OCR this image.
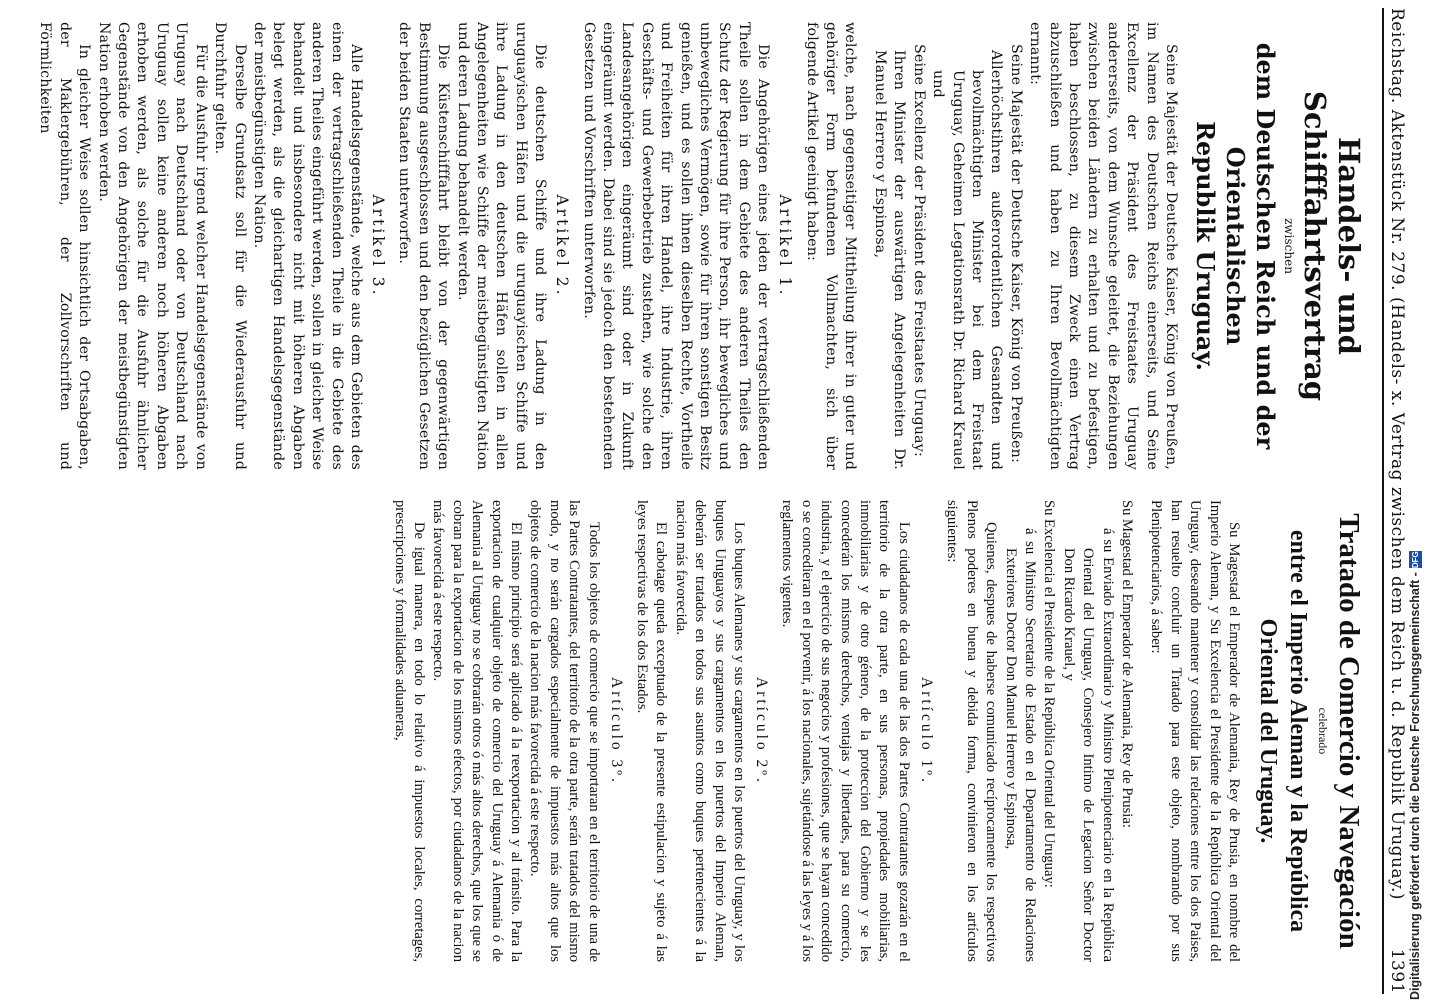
Reichstag. Aktenstück Nr. 279. (Handels- x. Vertrag zwischen dem Reich u. d. Republik Uruguay.)
1391
Handels- und Schifffahrtsvertrag
zwischen
dem Deutschen Reich und der Orientalischen
Republik Uruguay.

Seine Majestät der Deutsche Kaiser, König von Preußen, im Namen des Deutschen Reichs einerseits, und Seine Excellenz der Präsident des Freistaates Uruguay andererseits, von dem Wunsche geleitet, die Beziehungen zwischen beiden Ländern zu erhalten und zu befestigen, haben beschlossen, zu diesem Zweck einen Vertrag abzuschließen und haben zu Ihren Bevollmächtigten ernannt:

Seine Majestät der Deutsche Kaiser, König von Preußen:

Allerhöchstihren außerordentlichen Gesandten und bevollmächtigten Minister bei dem Freistaat Uruguay, Geheimen Legationsrath Dr. Richard Krauel und

Seine Excellenz der Präsident des Freistaates Uruguay:

Ihren Minister der auswärtigen Angelegenheiten Dr. Manuel Herrero y Espinosa,

welche, nach gegenseitiger Mittheilung ihrer in guter und gehöriger Form befundenen Vollmachten, sich über folgende Artikel geeinigt haben:

Artikel 1.

Die Angehörigen eines jeden der vertragschließenden Theile sollen in dem Gebiete des anderen Theiles den Schutz der Regierung für ihre Person, ihr bewegliches und unbewegliches Vermögen, sowie für ihren sonstigen Besitz genießen, und es sollen ihnen dieselben Rechte, Vortheile und Freiheiten für ihren Handel, ihre Industrie, ihren Geschäfts- und Gewerbebetrieb zustehen, wie solche den Landesangehörigen eingeräumt sind oder in Zukunft eingeräumt werden. Dabei sind sie jedoch den bestehenden Gesetzen und Vorschriften unterworfen.

Artikel 2.

Die deutschen Schiffe und ihre Ladung in den uruguayischen Häfen und die uruguayischen Schiffe und ihre Ladung in den deutschen Häfen sollen in allen Angelegenheiten wie Schiffe der meistbegünstigten Nation und deren Ladung behandelt werden.

Die Küstenschifffahrt bleibt von der gegenwärtigen Bestimmung ausgeschlossen und den bezüglichen Gesetzen der beiden Staaten unterworfen.

Artikel 3.

Alle Handelsgegenstände, welche aus dem Gebieten des einen der vertragschließenden Theile in die Gebiete des anderen Theiles eingeführt werden, sollen in gleicher Weise behandelt und insbesondere nicht mit höheren Abgaben belegt werden, als die gleichartigen Handelsgegenstände der meistbegünstigten Nation.

Derselbe Grundsatz soll für die Wiederausfuhr und Durchfuhr gelten.

Für die Ausfuhr irgend welcher Handelsgegenstände von Uruguay nach Deutschland oder von Deutschland nach Uruguay sollen keine anderen noch höheren Abgaben erhoben werden, als solche für die Ausfuhr ähnlicher Gegenstände von den Angehörigen der meistbegünstigten Nation erhoben werden.

In gleicher Weise sollen hinsichtlich der Ortsabgaben, der Maklergebühren, der Zollvorschriften und Förmlichkeiten

Tratado de Comercio y Navegación
celebrado
entre el Imperio Aleman y la República
Oriental del Uruguay.

Su Magestad el Emperador de Alemania, Rey de Prusia, en nombre del Imperio Aleman, y Su Excelencia el Presidente de la República Oriental del Uruguay, deseando mantener y consolidar las relaciones entre los dos Paises, han resuelto concluir un Tratado para este objeto, nombrando por sus Plenipotenciarios, á saber:

Su Magestad el Emperador de Alemania, Rey de Prusia:

á su Enviado Extraordinario y Ministro Plenipotenciario en la República Oriental del Uruguay, Consejero Intimo de Legacion Señor Doctor Don Ricardo Krauel, y

Su Excelencia el Presidente de la República Oriental del Uruguay:

á su Ministro Secretario de Estado en el Departamento de Relaciones Exteriores Doctor Don Manuel Herrero y Espinosa,

Quienes, despues de haberse comunicado recíprocamente los respectivos Plenos poderes en buena y debida forma, convinieron en los artículos siguientes:

Artículo 1º.

Los ciudadanos de cada una de las dos Partes Contratantes gozarán en el territorio de la otra parte, en sus personas, propiedades mobiliarias, inmobiliarias y de otro género, de la proteccion del Gobierno y se les concederán los mismos derechos, ventajas y libertades, para su comercio, industria, y el ejercicio de sus negocios y profesiones, que se hayan concedido o se concedieran en el porvenir, á los nacionales, sujetándose á las leyes y á los reglamentos vigentes.

Artículo 2º.

Los buques Alemanes y sus cargamentos en los puertos del Uruguay, y los buques Uruguayos y sus cargamentos en los puertos del Imperio Aleman, deberán ser tratados en todos sus asuntos como buques pertenecientes á la nacion más favorecida.

El cabotage queda exceptuado de la presente estipulacion y sujeto á las leyes respectivas de los dos Estados.

Artículo 3º.

Todos los objetos de comercio que se importaran en el territorio de una de las Partes Contratantes, del territorio de la otra parte, serán tratados del mismo modo, y no serán cargados especialmente de impuestos más altos que los objetos de comercio de la nacion más favorecida á este respecto.

El mismo principio será aplicado á la reexportacion y al tránsito. Para la exportacion de cualquier objeto de comercio del Uruguay á Alemania ó de Alemania al Uruguay no se cobrarán otros ó más altos derechos, que los que se cobran para la exportacion de los mismos efectos, por ciudadanos de la nacion más favorecida á este respecto.

De igual manera, en todo lo relativo á impuestos locales, corretages, prescripciones y formalidades aduaneras,	Digitalisierung gefördert durch die Deutsche Forschungsgemeinschaft -
DFG
